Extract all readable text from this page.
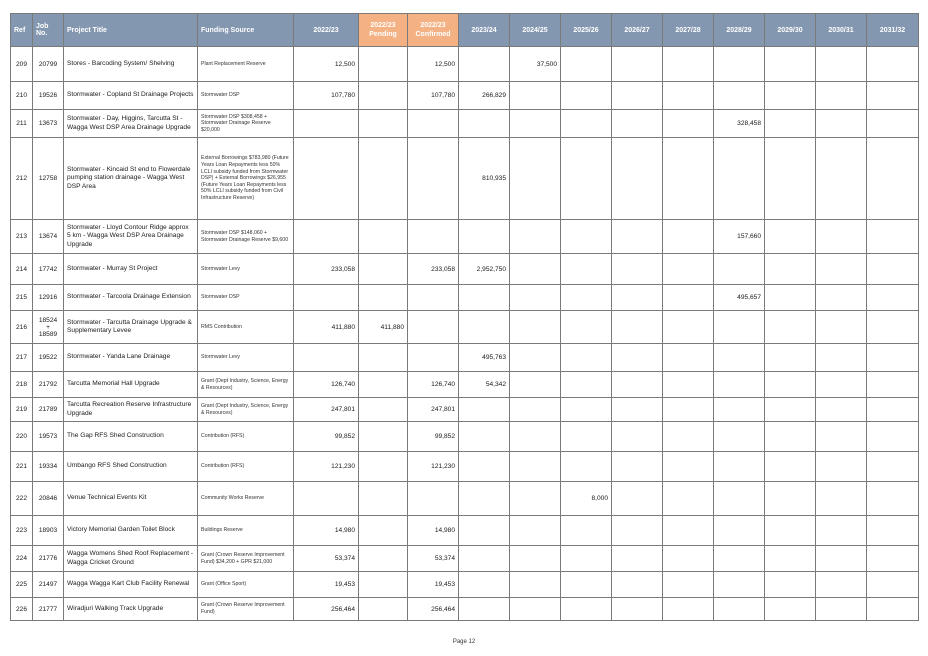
Ref	Job No.	Project Title	Funding Source	2022/23	2022/23 Pending	2022/23 Confirmed	2023/24	2024/25	2025/26	2026/27	2027/28	2028/29	2029/30	2030/31	2031/32
209	20799	Stores - Barcoding System/ Shelving	Plant Replacement Reserve	12,500		12,500		37,500							
210	19526	Stormwater - Copland St Drainage Projects	Stormwater DSP	107,780		107,780	266,829								
211	13673	Stormwater - Day, Higgins, Tarcutta St - Wagga West DSP Area Drainage Upgrade	Stormwater DSP $308,458 + Stormwater Drainage Reserve $20,000									328,458			
212	12758	Stormwater - Kincaid St end to Flowerdale pumping station drainage - Wagga West DSP Area	External Borrowings $783,980 (Future Years Loan Repayments less 50% LCLI subsidy funded from Stormwater DSP) + External Borrowings $26,955 (Future Years Loan Repayments less 50% LCLI subsidy funded from Civil Infrastructure Reserve)				810,935								
213	13674	Stormwater - Lloyd Contour Ridge approx 5 km - Wagga West DSP Area Drainage Upgrade	Stormwater DSP $148,060 + Stormwater Drainage Reserve $9,600									157,660			
214	17742	Stormwater - Murray St Project	Stormwater Levy	233,058		233,058	2,952,750								
215	12916	Stormwater - Tarcoola Drainage Extension	Stormwater DSP									495,657			
216	18524 + 18589	Stormwater - Tarcutta Drainage Upgrade & Supplementary Levee	RMS Contribution	411,880	411,880										
217	19522	Stormwater - Yanda Lane Drainage	Stormwater Levy				495,763								
218	21792	Tarcutta Memorial Hall Upgrade	Grant (Dept Industry, Science, Energy & Resources)	126,740		126,740	54,342								
219	21789	Tarcutta Recreation Reserve Infrastructure Upgrade	Grant (Dept Industry, Science, Energy & Resources)	247,801		247,801									
220	19573	The Gap RFS Shed Construction	Contribution (RFS)	99,852		99,852									
221	19334	Umbango RFS Shed Construction	Contribution (RFS)	121,230		121,230									
222	20846	Venue Technical Events Kit	Community Works Reserve						8,000						
223	18903	Victory Memorial Garden Toilet Block	Buildings Reserve	14,980		14,980									
224	21776	Wagga Womens Shed Roof Replacement - Wagga Cricket Ground	Grant (Crown Reserve Improvement Fund) $34,200 + GPR $21,000	53,374		53,374									
225	21497	Wagga Wagga Kart Club Facility Renewal	Grant (Office Sport)	19,453		19,453									
226	21777	Wiradjuri Walking Track Upgrade	Grant (Crown Reserve Improvement Fund)	256,464		256,464									
Page 12
